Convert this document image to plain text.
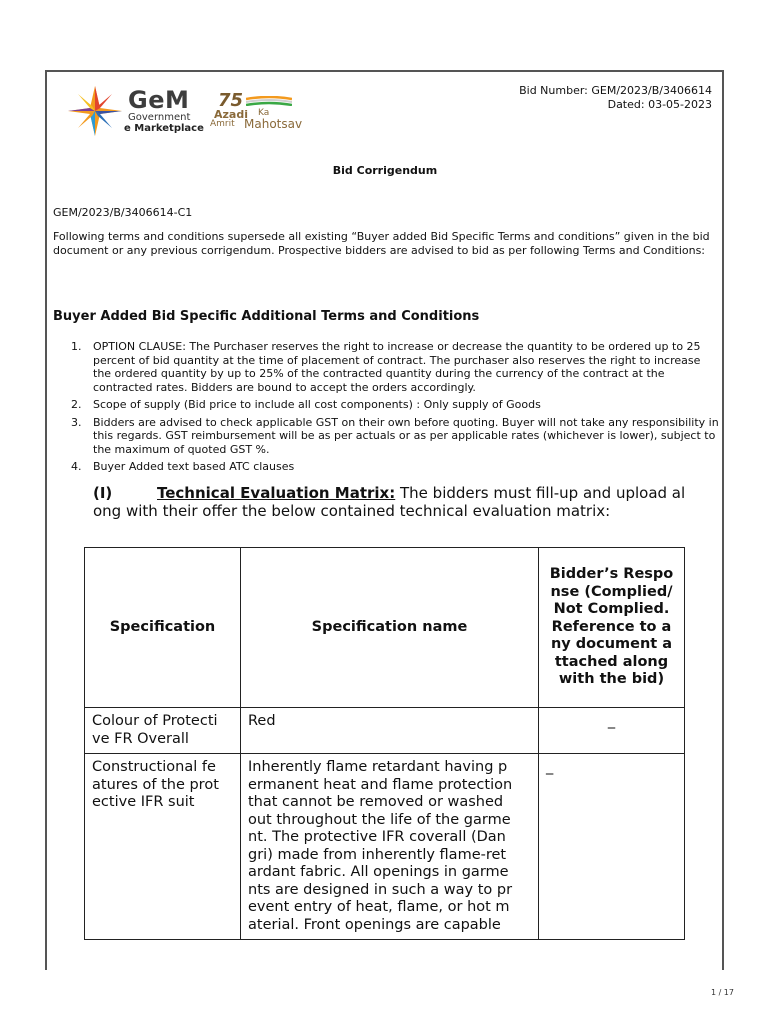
GeM
Government
e Marketplace
75
Azadi Ka
Amrit Mahotsav
Bid Number: GEM/2023/B/3406614
Dated: 03-05-2023
Bid Corrigendum
GEM/2023/B/3406614-C1
Following terms and conditions supersede all existing “Buyer added Bid Specific Terms and conditions” given in the bid document or any previous corrigendum. Prospective bidders are advised to bid as per following Terms and Conditions:
Buyer Added Bid Specific Additional Terms and Conditions
1. OPTION CLAUSE: The Purchaser reserves the right to increase or decrease the quantity to be ordered up to 25 percent of bid quantity at the time of placement of contract. The purchaser also reserves the right to increase the ordered quantity by up to 25% of the contracted quantity during the currency of the contract at the contracted rates. Bidders are bound to accept the orders accordingly.
2. Scope of supply (Bid price to include all cost components) : Only supply of Goods
3. Bidders are advised to check applicable GST on their own before quoting. Buyer will not take any responsibility in this regards. GST reimbursement will be as per actuals or as per applicable rates (whichever is lower), subject to the maximum of quoted GST %.
4. Buyer Added text based ATC clauses
(I)	Technical Evaluation Matrix: The bidders must fill-up and upload al ong with their offer the below contained technical evaluation matrix:
Specification	Specification name	Bidder’s Respo nse (Complied/ Not Complied. Reference to a ny document a ttached along with the bid)
Colour of Protecti ve FR Overall	Red	_
Constructional fe atures of the prot ective IFR suit	Inherently flame retardant having p ermanent heat and flame protection that cannot be removed or washed out throughout the life of the garme nt. The protective IFR coverall (Dan gri) made from inherently flame-ret ardant fabric. All openings in garme nts are designed in such a way to pr event entry of heat, flame, or hot m aterial. Front openings are capable	_
1 / 17
